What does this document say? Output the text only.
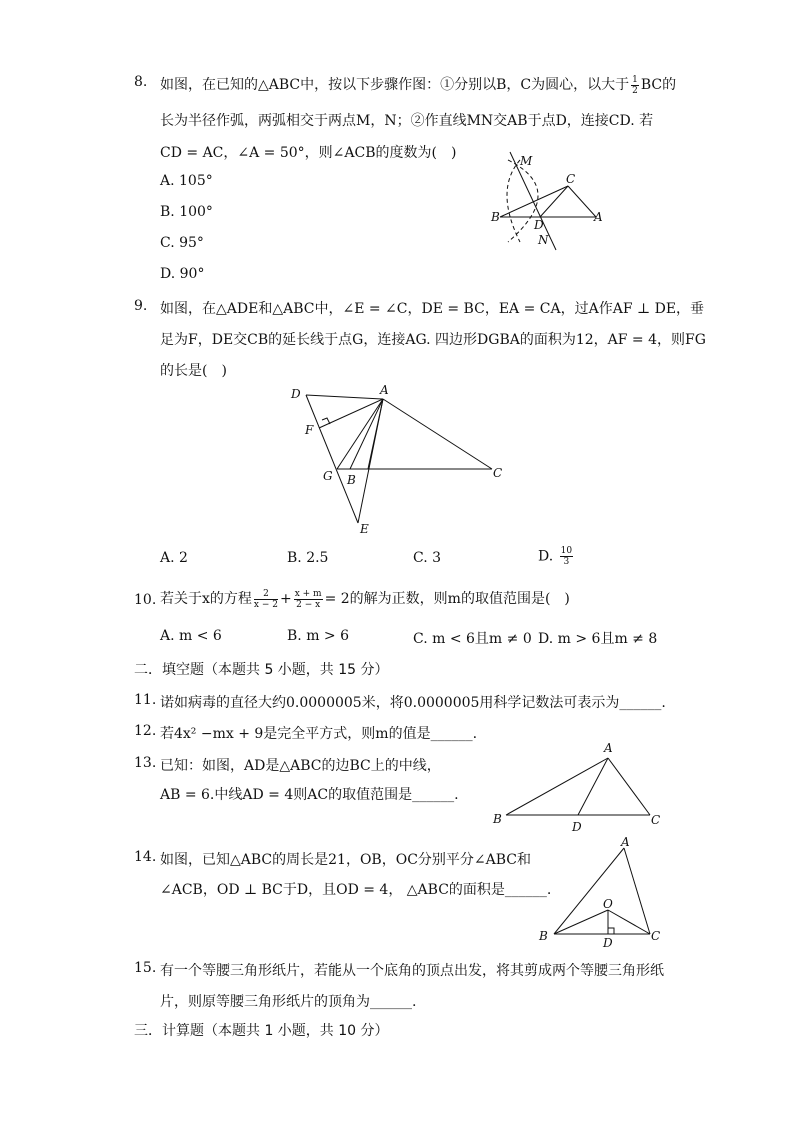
8. 如图，在已知的△ABC中，按以下步骤作图：①分别以B，C为圆心，以大于 $\frac{1}{2}$ BC的
长为半径作弧，两弧相交于两点M，N；②作直线MN交AB于点D，连接CD. 若
CD = AC，∠A = 50°，则∠ACB的度数为(　)
A. 105°
B. 100°
C. 95°
D. 90°
M
C
B
D
A
N
9. 如图，在△ADE和△ABC中，∠E = ∠C，DE = BC，EA = CA，过A作AF ⊥ DE，垂
足为F，DE交CB的延长线于点G，连接AG. 四边形DGBA的面积为12，AF = 4，则FG
的长是(　)
D	A
F
G B	C
E
A. 2	B. 2.5	C. 3	D. $\frac{10}{3}$
10. 若关于x的方程 $\frac{2}{x - 2} + \frac{x + m}{2 - x} = 2$的解为正数，则m的取值范围是(　)
A. m < 6	B. m > 6	C. m < 6且m ≠ 0 D. m > 6且m ≠ 8
二．填空题（本题共 5 小题，共 15 分）
11. 诺如病毒的直径大约0.0000005米，将0.0000005用科学记数法可表示为______.
12. 若4x² −mx + 9是完全平方式，则m的值是______.
13. 已知：如图，AD是△ABC的边BC上的中线，
AB = 6.中线AD = 4则AC的取值范围是______.
A
B
D	C
14. 如图，已知△ABC的周长是21，OB，OC分别平分∠ABC和
∠ACB，OD ⊥ BC于D，且OD = 4， △ABC的面积是______.
A
O
B	D	C
15. 有一个等腰三角形纸片，若能从一个底角的顶点出发，将其剪成两个等腰三角形纸
片，则原等腰三角形纸片的顶角为______.
三．计算题（本题共 1 小题，共 10 分）
